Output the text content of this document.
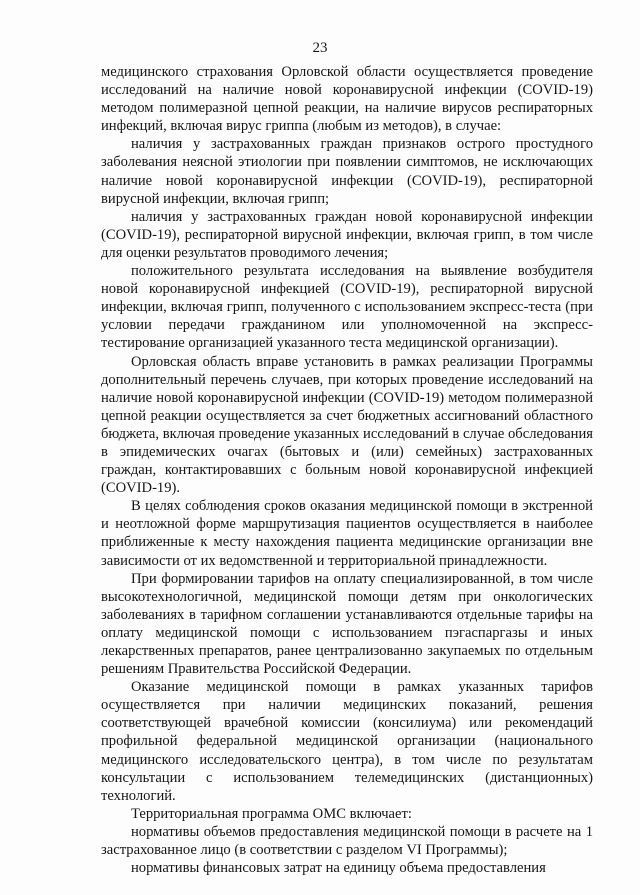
23

медицинского страхования Орловской области осуществляется проведение исследований на наличие новой коронавирусной инфекции (COVID-19) методом полимеразной цепной реакции, на наличие вирусов респираторных инфекций, включая вирус гриппа (любым из методов), в случае:

наличия у застрахованных граждан признаков острого простудного заболевания неясной этиологии при появлении симптомов, не исключающих наличие новой коронавирусной инфекции (COVID-19), респираторной вирусной инфекции, включая грипп;

наличия у застрахованных граждан новой коронавирусной инфекции (COVID-19), респираторной вирусной инфекции, включая грипп, в том числе для оценки результатов проводимого лечения;

положительного результата исследования на выявление возбудителя новой коронавирусной инфекцией (COVID-19), респираторной вирусной инфекции, включая грипп, полученного с использованием экспресс-теста (при условии передачи гражданином или уполномоченной на экспресс-тестирование организацией указанного теста медицинской организации).

Орловская область вправе установить в рамках реализации Программы дополнительный перечень случаев, при которых проведение исследований на наличие новой коронавирусной инфекции (COVID-19) методом полимеразной цепной реакции осуществляется за счет бюджетных ассигнований областного бюджета, включая проведение указанных исследований в случае обследования в эпидемических очагах (бытовых и (или) семейных) застрахованных граждан, контактировавших с больным новой коронавирусной инфекцией (COVID-19).

В целях соблюдения сроков оказания медицинской помощи в экстренной и неотложной форме маршрутизация пациентов осуществляется в наиболее приближенные к месту нахождения пациента медицинские организации вне зависимости от их ведомственной и территориальной принадлежности.

При формировании тарифов на оплату специализированной, в том числе высокотехнологичной, медицинской помощи детям при онкологических заболеваниях в тарифном соглашении устанавливаются отдельные тарифы на оплату медицинской помощи с использованием пэгаспаргазы и иных лекарственных препаратов, ранее централизованно закупаемых по отдельным решениям Правительства Российской Федерации.

Оказание медицинской помощи в рамках указанных тарифов осуществляется при наличии медицинских показаний, решения соответствующей врачебной комиссии (консилиума) или рекомендаций профильной федеральной медицинской организации (национального медицинского исследовательского центра), в том числе по результатам консультации с использованием телемедицинских (дистанционных) технологий.

Территориальная программа ОМС включает:

нормативы объемов предоставления медицинской помощи в расчете на 1 застрахованное лицо (в соответствии с разделом VI Программы);

нормативы финансовых затрат на единицу объема предоставления
